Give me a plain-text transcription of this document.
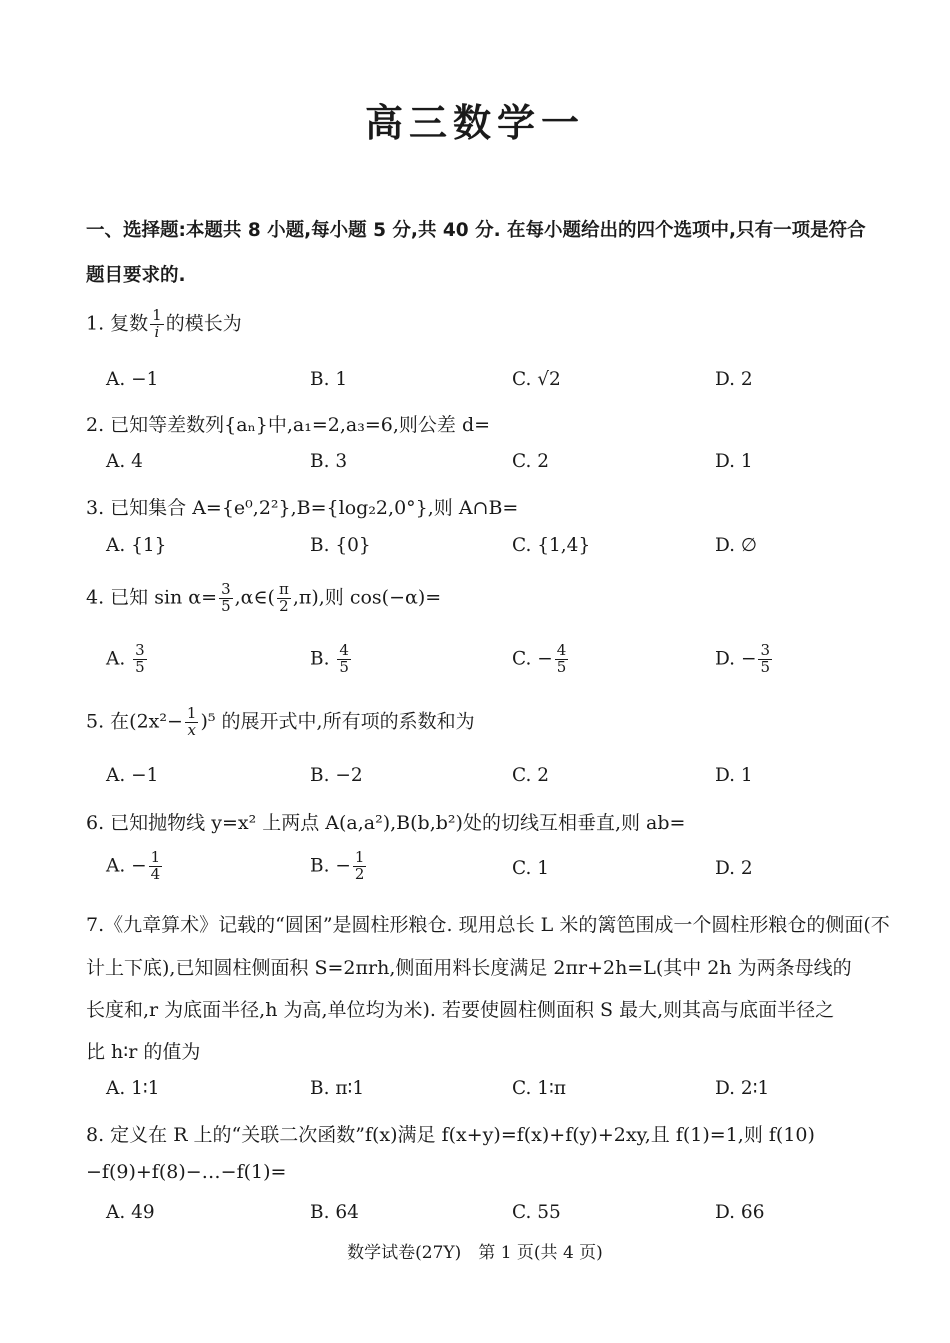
高三数学一
一、选择题:本题共 8 小题,每小题 5 分,共 40 分. 在每小题给出的四个选项中,只有一项是符合
题目要求的.
1. 复数 $\frac{1}{i}$ 的模长为
A. −1	B. 1	C. √2	D. 2
2. 已知等差数列{aₙ}中,a₁=2,a₃=6,则公差 d=
A. 4	B. 3	C. 2	D. 1
3. 已知集合 A={e⁰,2²},B={log₂2,0°},则 A∩B=
A. {1}	B. {0}	C. {1,4}	D. ∅
4. 已知 $\sin \alpha= \frac{3}{5}$ ,α∈( $\frac{\pi}{2} ,\pi$),则 cos(−α)=
A. $\frac{3}{5}$	B. $\frac{4}{5}$	C. − $\frac{4}{5}$	D. − $\frac{3}{5}$
5. 在$(2x^2- \frac{1}{x} )^5$ 的展开式中,所有项的系数和为
A. −1	B. −2	C. 2	D. 1
6. 已知抛物线 y=x² 上两点 A(a,a²),B(b,b²)处的切线互相垂直,则 ab=
A. − $\frac{1}{4}$	B. − $\frac{1}{2}$	C. 1	D. 2
7.《九章算术》记载的“圆囷”是圆柱形粮仓. 现用总长 L 米的篱笆围成一个圆柱形粮仓的侧面(不
计上下底),已知圆柱侧面积 S=2πrh,侧面用料长度满足 2πr+2h=L(其中 2h 为两条母线的
长度和,r 为底面半径,h 为高,单位均为米). 若要使圆柱侧面积 S 最大,则其高与底面半径之
比 h∶r 的值为
A. 1∶1	B. π∶1	C. 1∶π	D. 2∶1
8. 定义在 R 上的“关联二次函数”f(x)满足 f(x+y)=f(x)+f(y)+2xy,且 f(1)=1,则 f(10)
−f(9)+f(8)−…−f(1)=
A. 49	B. 64	C. 55	D. 66
数学试卷(27Y)　第 1 页(共 4 页)
